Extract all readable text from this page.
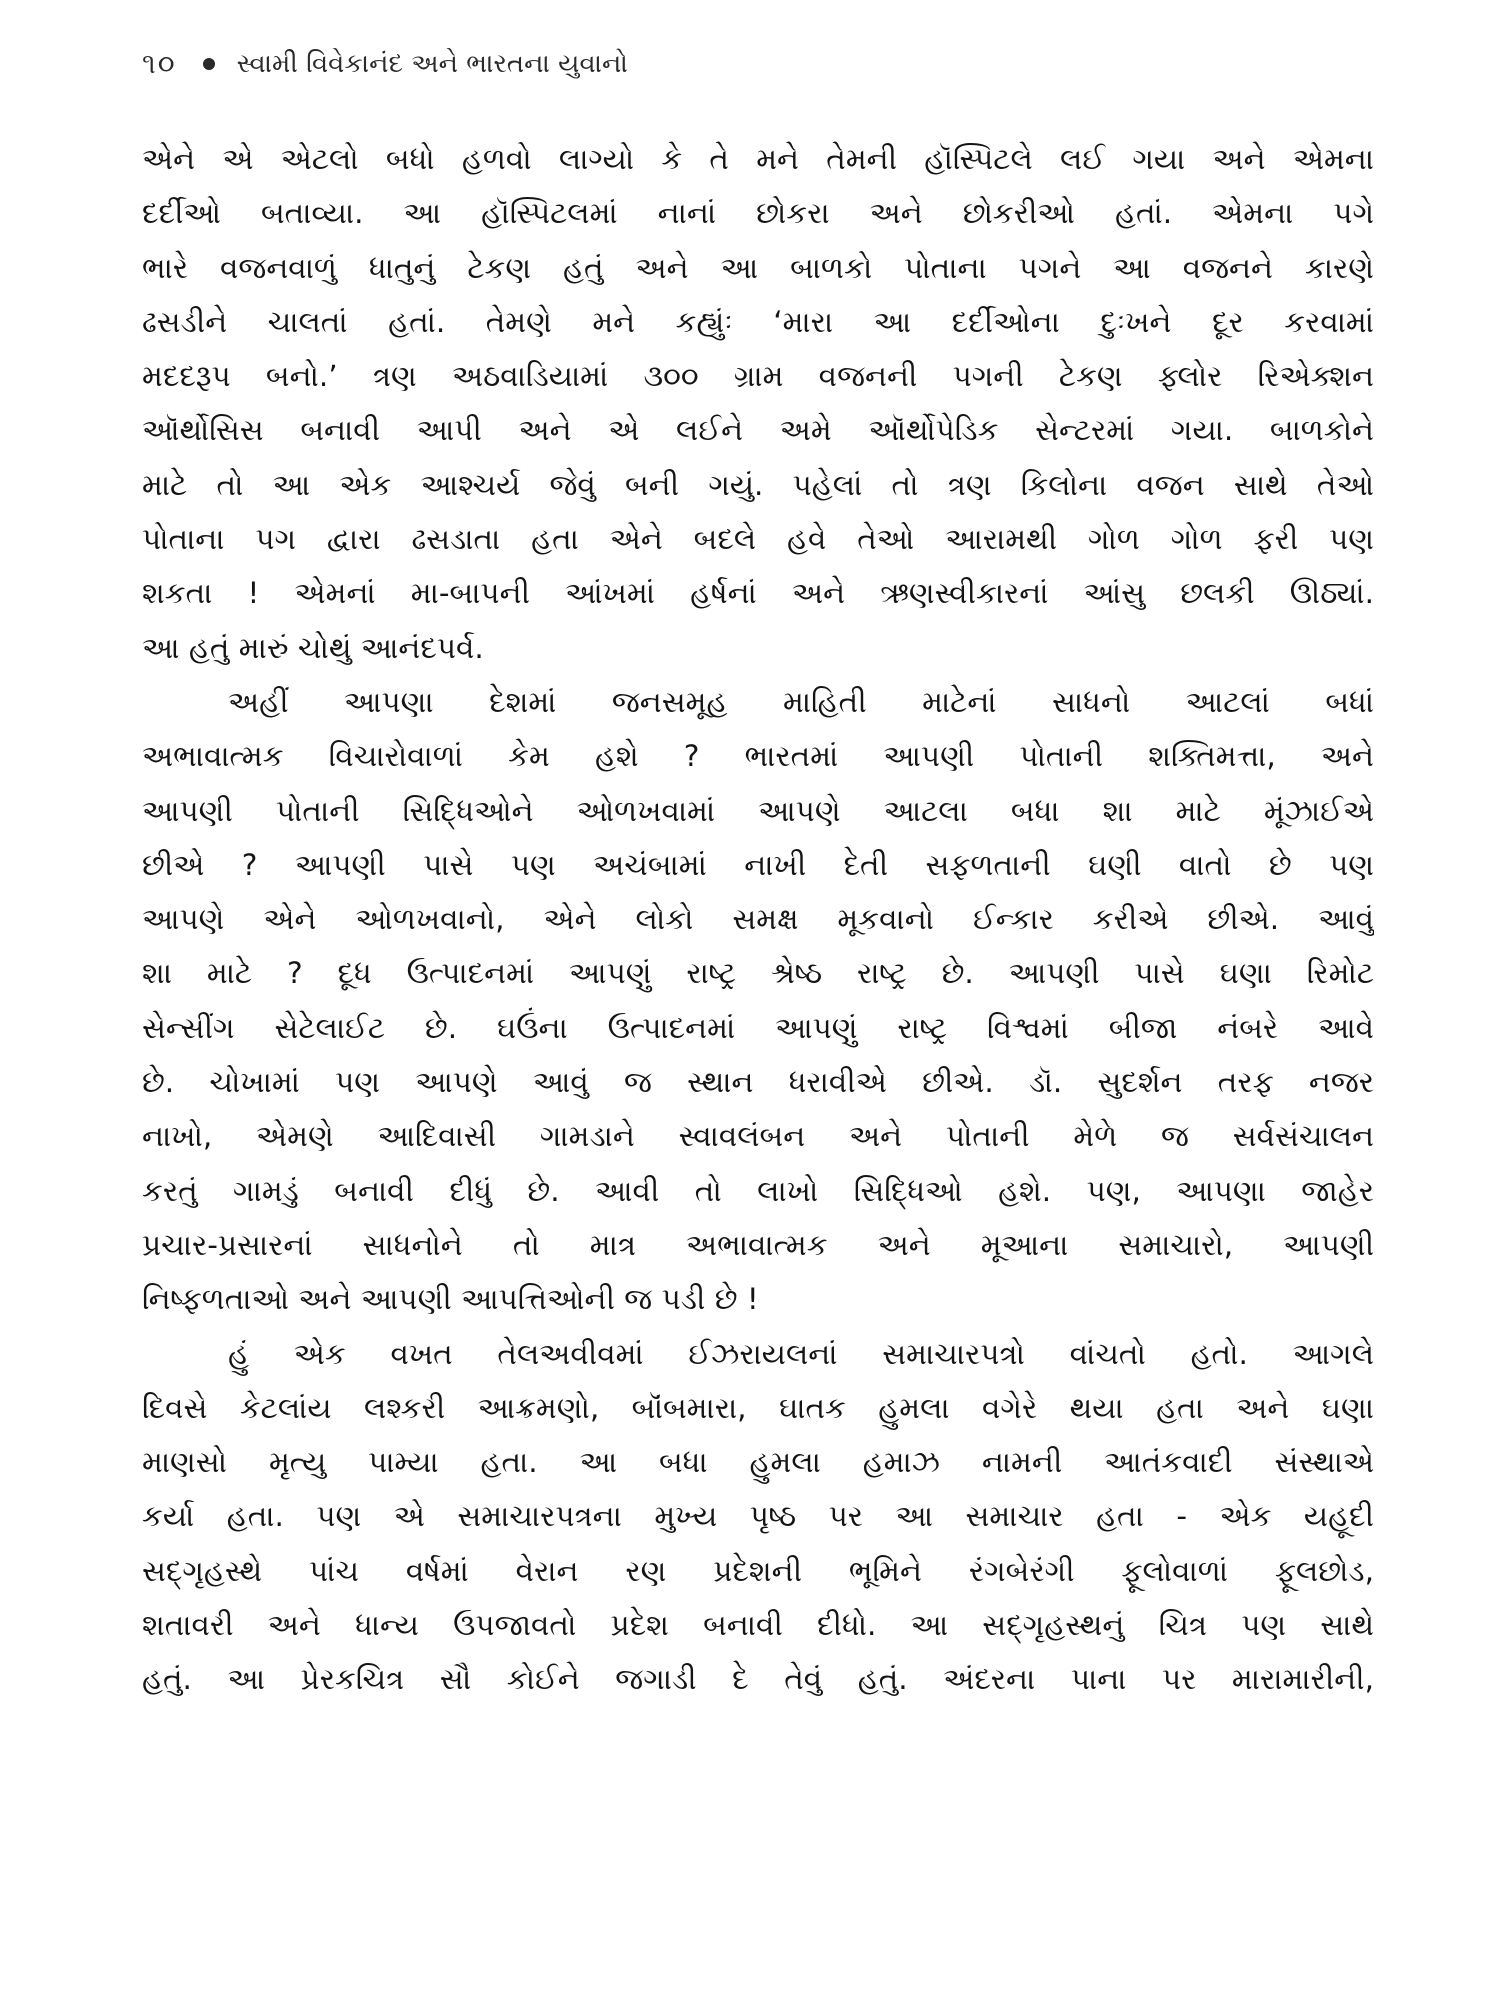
૧૦ સ્વામી વિવેકાનંદ અને ભારતના યુવાનો
એને એ એટલો બધો હળવો લાગ્યો કે તે મને તેમની હૉસ્પિટલે લઈ ગયા અને એમના
દર્દીઓ બતાવ્યા. આ હૉસ્પિટલમાં નાનાં છોકરા અને છોકરીઓ હતાં. એમના પગે
ભારે વજનવાળું ધાતુનું ટેકણ હતું અને આ બાળકો પોતાના પગને આ વજનને કારણે
ઢસડીને ચાલતાં હતાં. તેમણે મને કહ્યુંઃ ‘મારા આ દર્દીઓના દુઃખને દૂર કરવામાં
મદદરૂપ બનો.’ ત્રણ અઠવાડિયામાં ૩૦૦ ગ્રામ વજનની પગની ટેકણ ફ્લોર રિએક્શન
ઑર્થોસિસ બનાવી આપી અને એ લઈને અમે ઑર્થોપેડિક સેન્ટરમાં ગયા. બાળકોને
માટે તો આ એક આશ્ચર્ય જેવું બની ગયું. પહેલાં તો ત્રણ કિલોના વજન સાથે તેઓ
પોતાના પગ દ્વારા ઢસડાતા હતા એને બદલે હવે તેઓ આરામથી ગોળ ગોળ ફરી પણ
શકતા ! એમનાં મા-બાપની આંખમાં હર્ષનાં અને ઋણસ્વીકારનાં આંસુ છલકી ઊઠ્યાં.
આ હતું મારું ચોથું આનંદપર્વ.
અહીં આપણા દેશમાં જનસમૂહ માહિતી માટેનાં સાધનો આટલાં બધાં
અભાવાત્મક વિચારોવાળાં કેમ હશે ? ભારતમાં આપણી પોતાની શક્તિમત્તા, અને
આપણી પોતાની સિદ્ધિઓને ઓળખવામાં આપણે આટલા બધા શા માટે મૂંઝાઈએ
છીએ ? આપણી પાસે પણ અચંબામાં નાખી દેતી સફળતાની ઘણી વાતો છે પણ
આપણે એને ઓળખવાનો, એને લોકો સમક્ષ મૂકવાનો ઈન્કાર કરીએ છીએ. આવું
શા માટે ? દૂધ ઉત્પાદનમાં આપણું રાષ્ટ્ર શ્રેષ્ઠ રાષ્ટ્ર છે. આપણી પાસે ઘણા રિમોટ
સેન્સીંગ સેટેલાઈટ છે. ઘઉંના ઉત્પાદનમાં આપણું રાષ્ટ્ર વિશ્વમાં બીજા નંબરે આવે
છે. ચોખામાં પણ આપણે આવું જ સ્થાન ધરાવીએ છીએ. ડૉ. સુદર્શન તરફ નજર
નાખો, એમણે આદિવાસી ગામડાને સ્વાવલંબન અને પોતાની મેળે જ સર્વસંચાલન
કરતું ગામડું બનાવી દીધું છે. આવી તો લાખો સિદ્ધિઓ હશે. પણ, આપણા જાહેર
પ્રચાર-પ્રસારનાં સાધનોને તો માત્ર અભાવાત્મક અને મૂઆના સમાચારો, આપણી
નિષ્ફળતાઓ અને આપણી આપત્તિઓની જ પડી છે !
હું એક વખત તેલઅવીવમાં ઈઝરાયલનાં સમાચારપત્રો વાંચતો હતો. આગલે
દિવસે કેટલાંય લશ્કરી આક્રમણો, બૉંબમારા, ઘાતક હુમલા વગેરે થયા હતા અને ઘણા
માણસો મૃત્યુ પામ્યા હતા. આ બધા હુમલા હમાઝ નામની આતંકવાદી સંસ્થાએ
કર્યા હતા. પણ એ સમાચારપત્રના મુખ્ય પૃષ્ઠ પર આ સમાચાર હતા - એક યહૂદી
સદ્‌ગૃહસ્થે પાંચ વર્ષમાં વેરાન રણ પ્રદેશની ભૂમિને રંગબેરંગી ફૂલોવાળાં ફૂલછોડ,
શતાવરી અને ધાન્ય ઉપજાવતો પ્રદેશ બનાવી દીધો. આ સદ્‌ગૃહસ્થનું ચિત્ર પણ સાથે
હતું. આ પ્રેરકચિત્ર સૌ કોઈને જગાડી દે તેવું હતું. અંદરના પાના પર મારામારીની,
